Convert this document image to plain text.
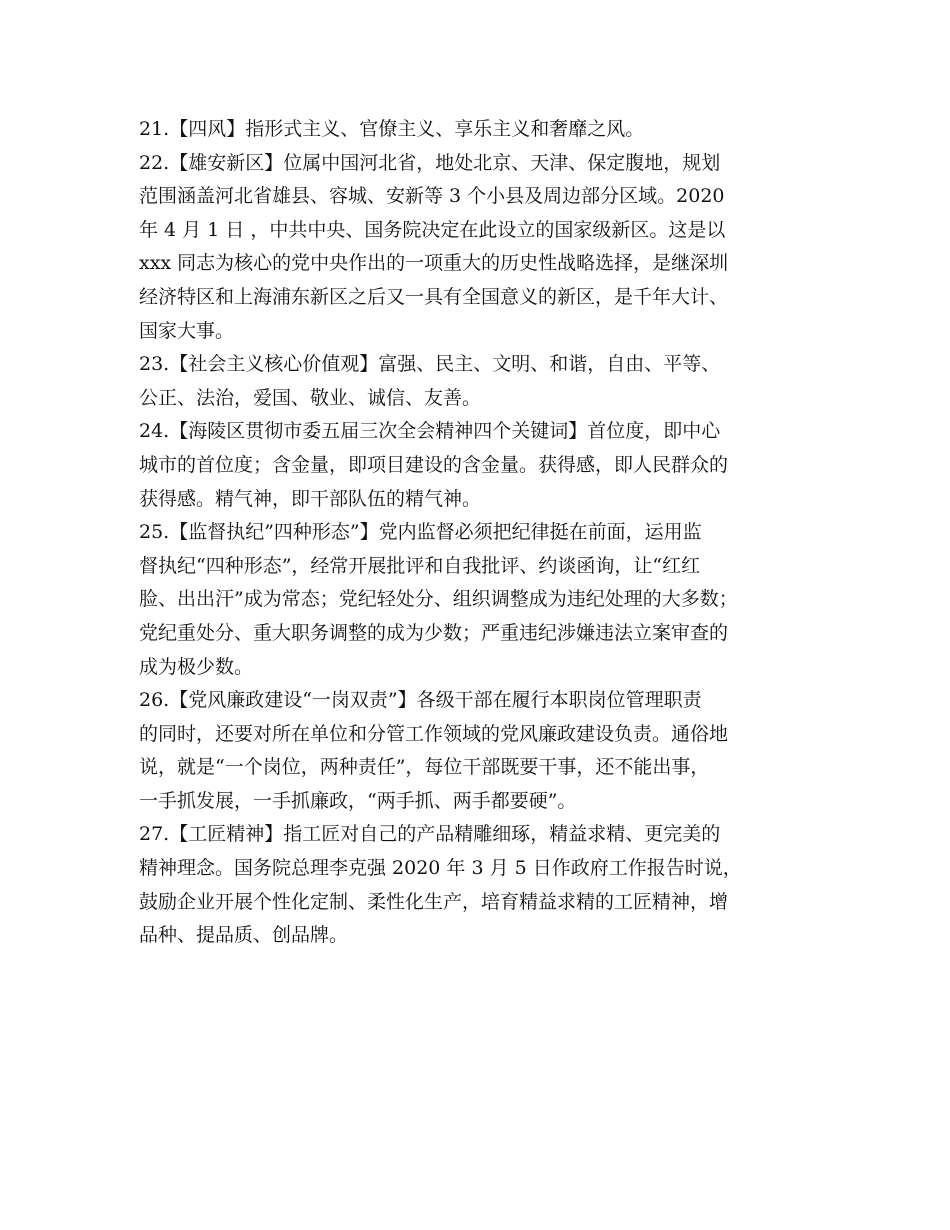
21.【四风】指形式主义、官僚主义、享乐主义和奢靡之风。
22.【雄安新区】位属中国河北省，地处北京、天津、保定腹地，规划
范围涵盖河北省雄县、容城、安新等 3 个小县及周边部分区域。2020
年 4 月 1 日 ，中共中央、国务院决定在此设立的国家级新区。这是以
xxx 同志为核心的党中央作出的一项重大的历史性战略选择，是继深圳
经济特区和上海浦东新区之后又一具有全国意义的新区，是千年大计、
国家大事。
23.【社会主义核心价值观】富强、民主、文明、和谐，自由、平等、
公正、法治，爱国、敬业、诚信、友善。
24.【海陵区贯彻市委五届三次全会精神四个关键词】首位度，即中心
城市的首位度；含金量，即项目建设的含金量。获得感，即人民群众的
获得感。精气神，即干部队伍的精气神。
25.【监督执纪”四种形态”】党内监督必须把纪律挺在前面，运用监
督执纪“四种形态”，经常开展批评和自我批评、约谈函询，让“红红
脸、出出汗”成为常态；党纪轻处分、组织调整成为违纪处理的大多数；
党纪重处分、重大职务调整的成为少数；严重违纪涉嫌违法立案审查的
成为极少数。
26.【党风廉政建设“一岗双责”】各级干部在履行本职岗位管理职责
的同时，还要对所在单位和分管工作领域的党风廉政建设负责。通俗地
说，就是“一个岗位，两种责任”，每位干部既要干事，还不能出事，
一手抓发展，一手抓廉政，“两手抓、两手都要硬”。
27.【工匠精神】指工匠对自己的产品精雕细琢，精益求精、更完美的
精神理念。国务院总理李克强 2020 年 3 月 5 日作政府工作报告时说，
鼓励企业开展个性化定制、柔性化生产，培育精益求精的工匠精神，增
品种、提品质、创品牌。
